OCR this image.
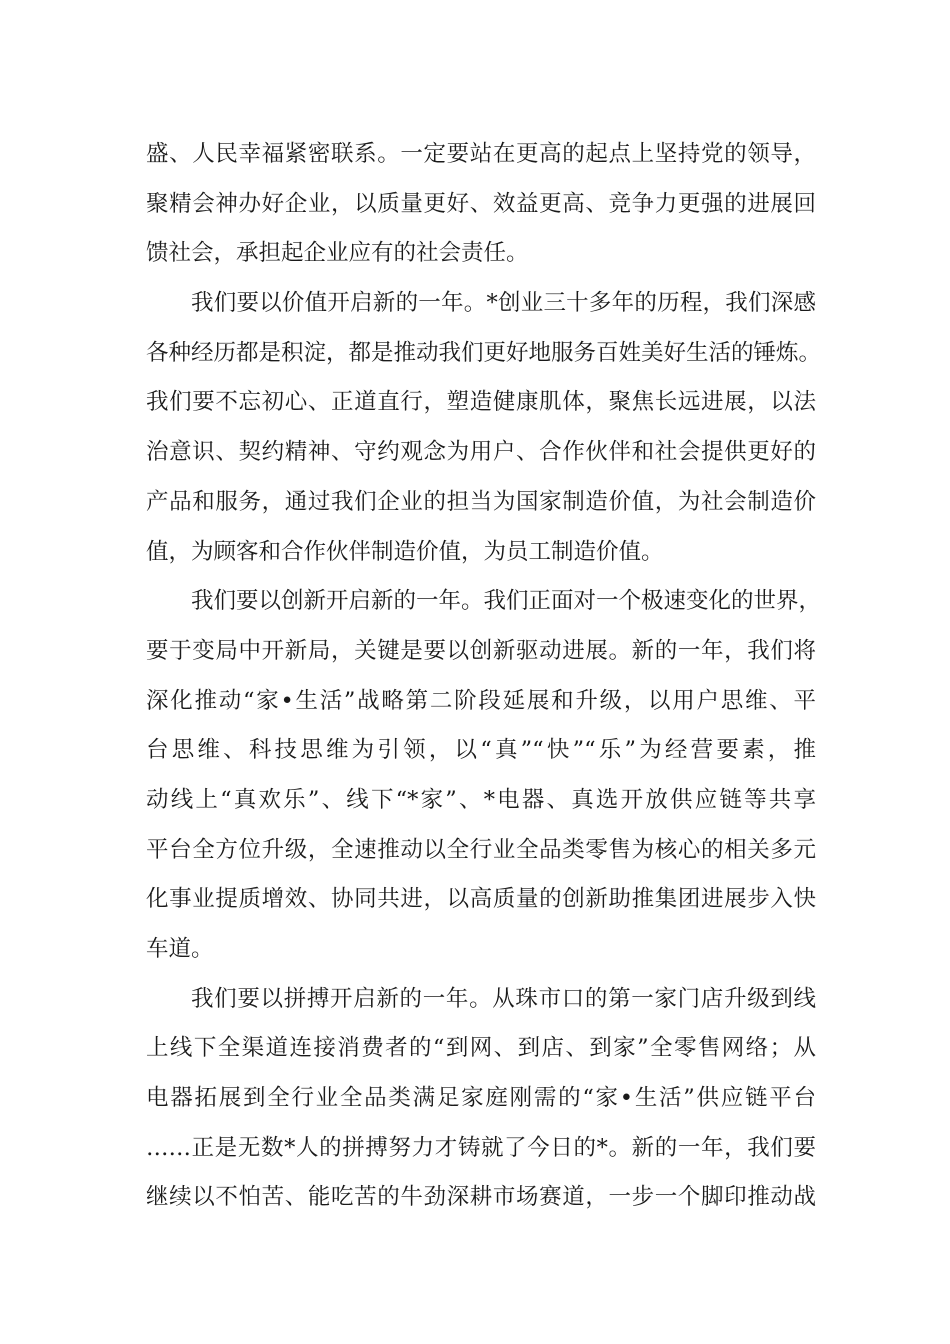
盛、人民幸福紧密联系。一定要站在更高的起点上坚持党的领导，
聚精会神办好企业，以质量更好、效益更高、竞争力更强的进展回
馈社会，承担起企业应有的社会责任。
我们要以价值开启新的一年。*创业三十多年的历程，我们深感
各种经历都是积淀，都是推动我们更好地服务百姓美好生活的锤炼。
我们要不忘初心、正道直行，塑造健康肌体，聚焦长远进展，以法
治意识、契约精神、守约观念为用户、合作伙伴和社会提供更好的
产品和服务，通过我们企业的担当为国家制造价值，为社会制造价
值，为顾客和合作伙伴制造价值，为员工制造价值。
我们要以创新开启新的一年。我们正面对一个极速变化的世界，
要于变局中开新局，关键是要以创新驱动进展。新的一年，我们将
深化推动“家•生活”战略第二阶段延展和升级，以用户思维、平
台思维、科技思维为引领，以“真”“快”“乐”为经营要素，推
动线上“真欢乐”、线下“*家”、*电器、真选开放供应链等共享
平台全方位升级，全速推动以全行业全品类零售为核心的相关多元
化事业提质增效、协同共进，以高质量的创新助推集团进展步入快
车道。
我们要以拼搏开启新的一年。从珠市口的第一家门店升级到线
上线下全渠道连接消费者的“到网、到店、到家”全零售网络；从
电器拓展到全行业全品类满足家庭刚需的“家•生活”供应链平台
……正是无数*人的拼搏努力才铸就了今日的*。新的一年，我们要
继续以不怕苦、能吃苦的牛劲深耕市场赛道，一步一个脚印推动战
